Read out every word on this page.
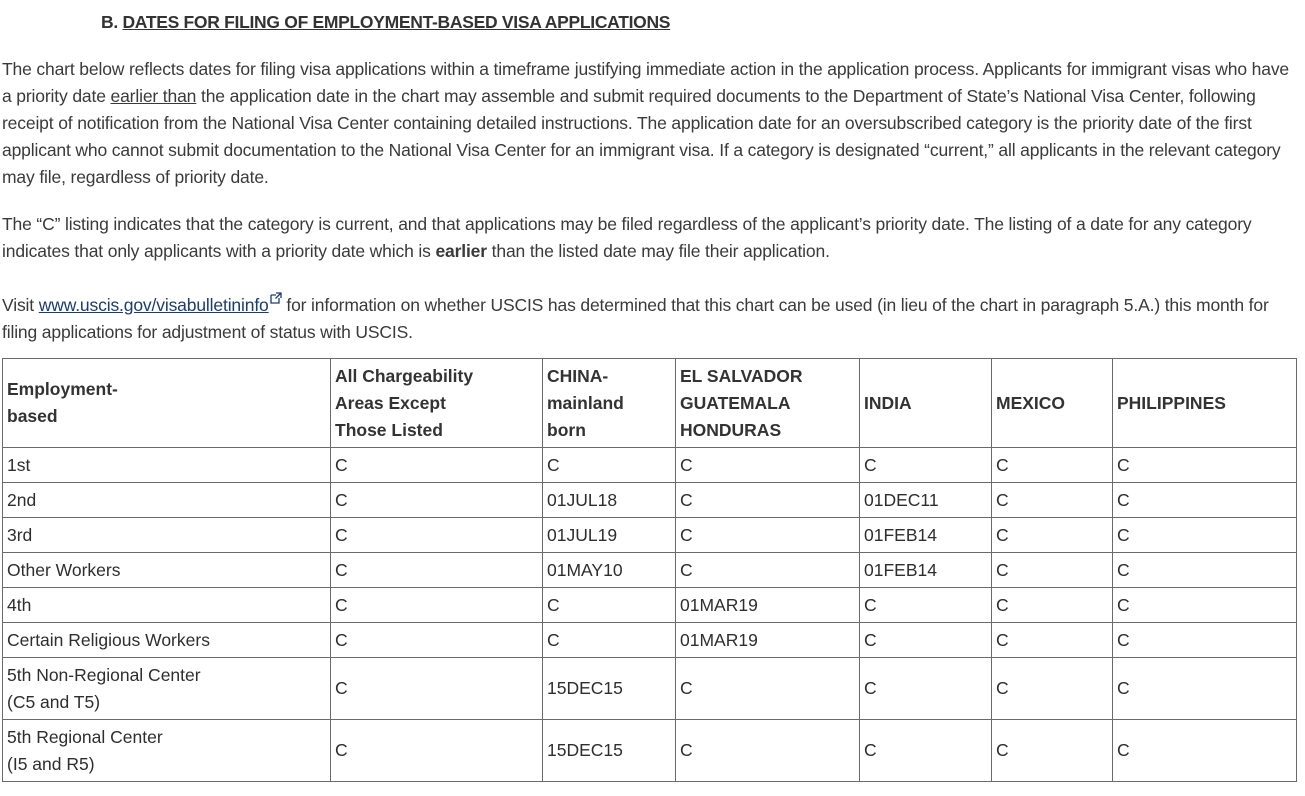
B. DATES FOR FILING OF EMPLOYMENT-BASED VISA APPLICATIONS

The chart below reflects dates for filing visa applications within a timeframe justifying immediate action in the application process. Applicants for immigrant visas who have a priority date earlier than the application date in the chart may assemble and submit required documents to the Department of State’s National Visa Center, following receipt of notification from the National Visa Center containing detailed instructions. The application date for an oversubscribed category is the priority date of the first applicant who cannot submit documentation to the National Visa Center for an immigrant visa. If a category is designated “current,” all applicants in the relevant category may file, regardless of priority date.

The “C” listing indicates that the category is current, and that applications may be filed regardless of the applicant’s priority date. The listing of a date for any category indicates that only applicants with a priority date which is earlier than the listed date may file their application.

Visit www.uscis.gov/visabulletininfo for information on whether USCIS has determined that this chart can be used (in lieu of the chart in paragraph 5.A.) this month for filing applications for adjustment of status with USCIS.

Employment-
based	All Chargeability
Areas Except
Those Listed	CHINA-
mainland
born	EL SALVADOR
GUATEMALA
HONDURAS	INDIA	MEXICO	PHILIPPINES
1st	C	C	C	C	C	C
2nd	C	01JUL18	C	01DEC11	C	C
3rd	C	01JUL19	C	01FEB14	C	C
Other Workers	C	01MAY10	C	01FEB14	C	C
4th	C	C	01MAR19	C	C	C
Certain Religious Workers	C	C	01MAR19	C	C	C
5th Non-Regional Center
(C5 and T5)	C	15DEC15	C	C	C	C
5th Regional Center
(I5 and R5)	C	15DEC15	C	C	C	C
